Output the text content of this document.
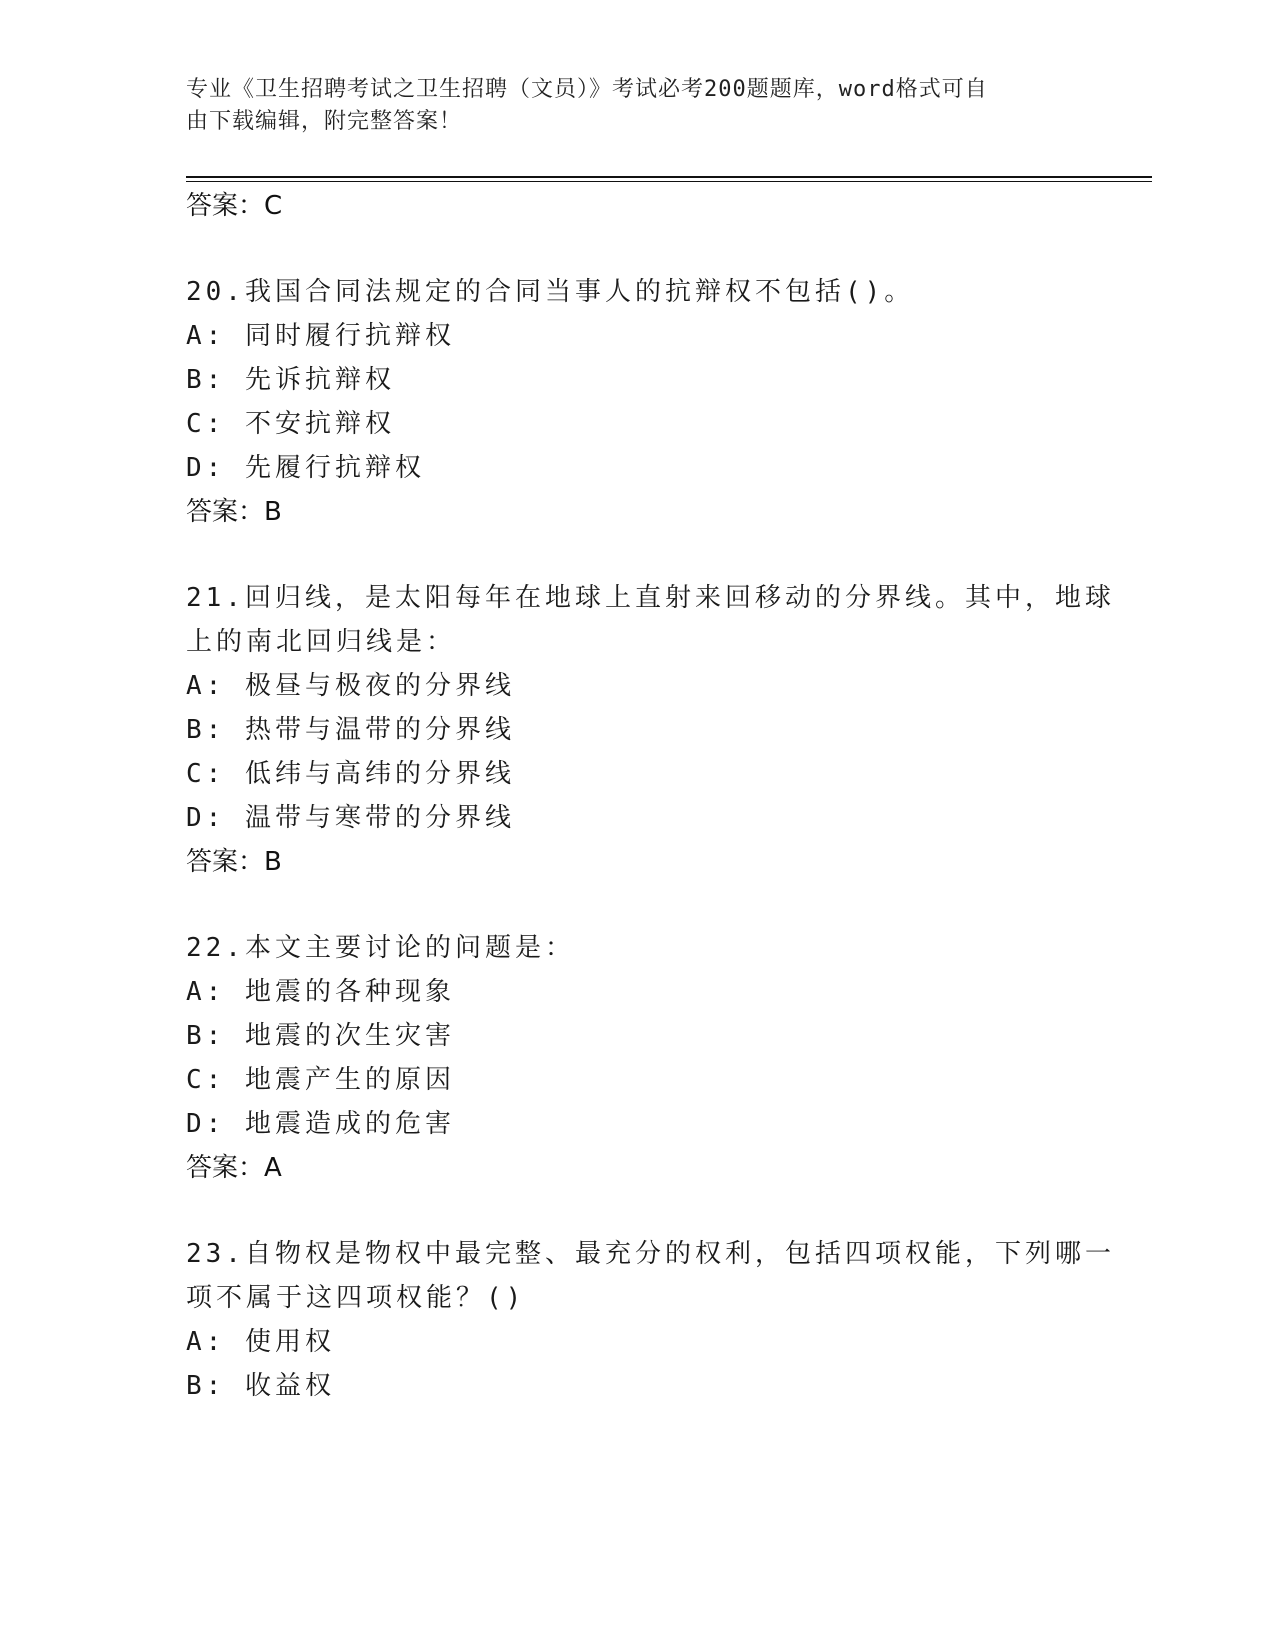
专业《卫生招聘考试之卫生招聘（文员）》考试必考200题题库，word格式可自
由下载编辑，附完整答案！
答案：C
20.我国合同法规定的合同当事人的抗辩权不包括()。
A: 同时履行抗辩权
B: 先诉抗辩权
C: 不安抗辩权
D: 先履行抗辩权
答案：B
21.回归线，是太阳每年在地球上直射来回移动的分界线。其中，地球
上的南北回归线是：
A: 极昼与极夜的分界线
B: 热带与温带的分界线
C: 低纬与高纬的分界线
D: 温带与寒带的分界线
答案：B
22.本文主要讨论的问题是：
A: 地震的各种现象
B: 地震的次生灾害
C: 地震产生的原因
D: 地震造成的危害
答案：A
23.自物权是物权中最完整、最充分的权利，包括四项权能，下列哪一
项不属于这四项权能？()
A: 使用权
B: 收益权
